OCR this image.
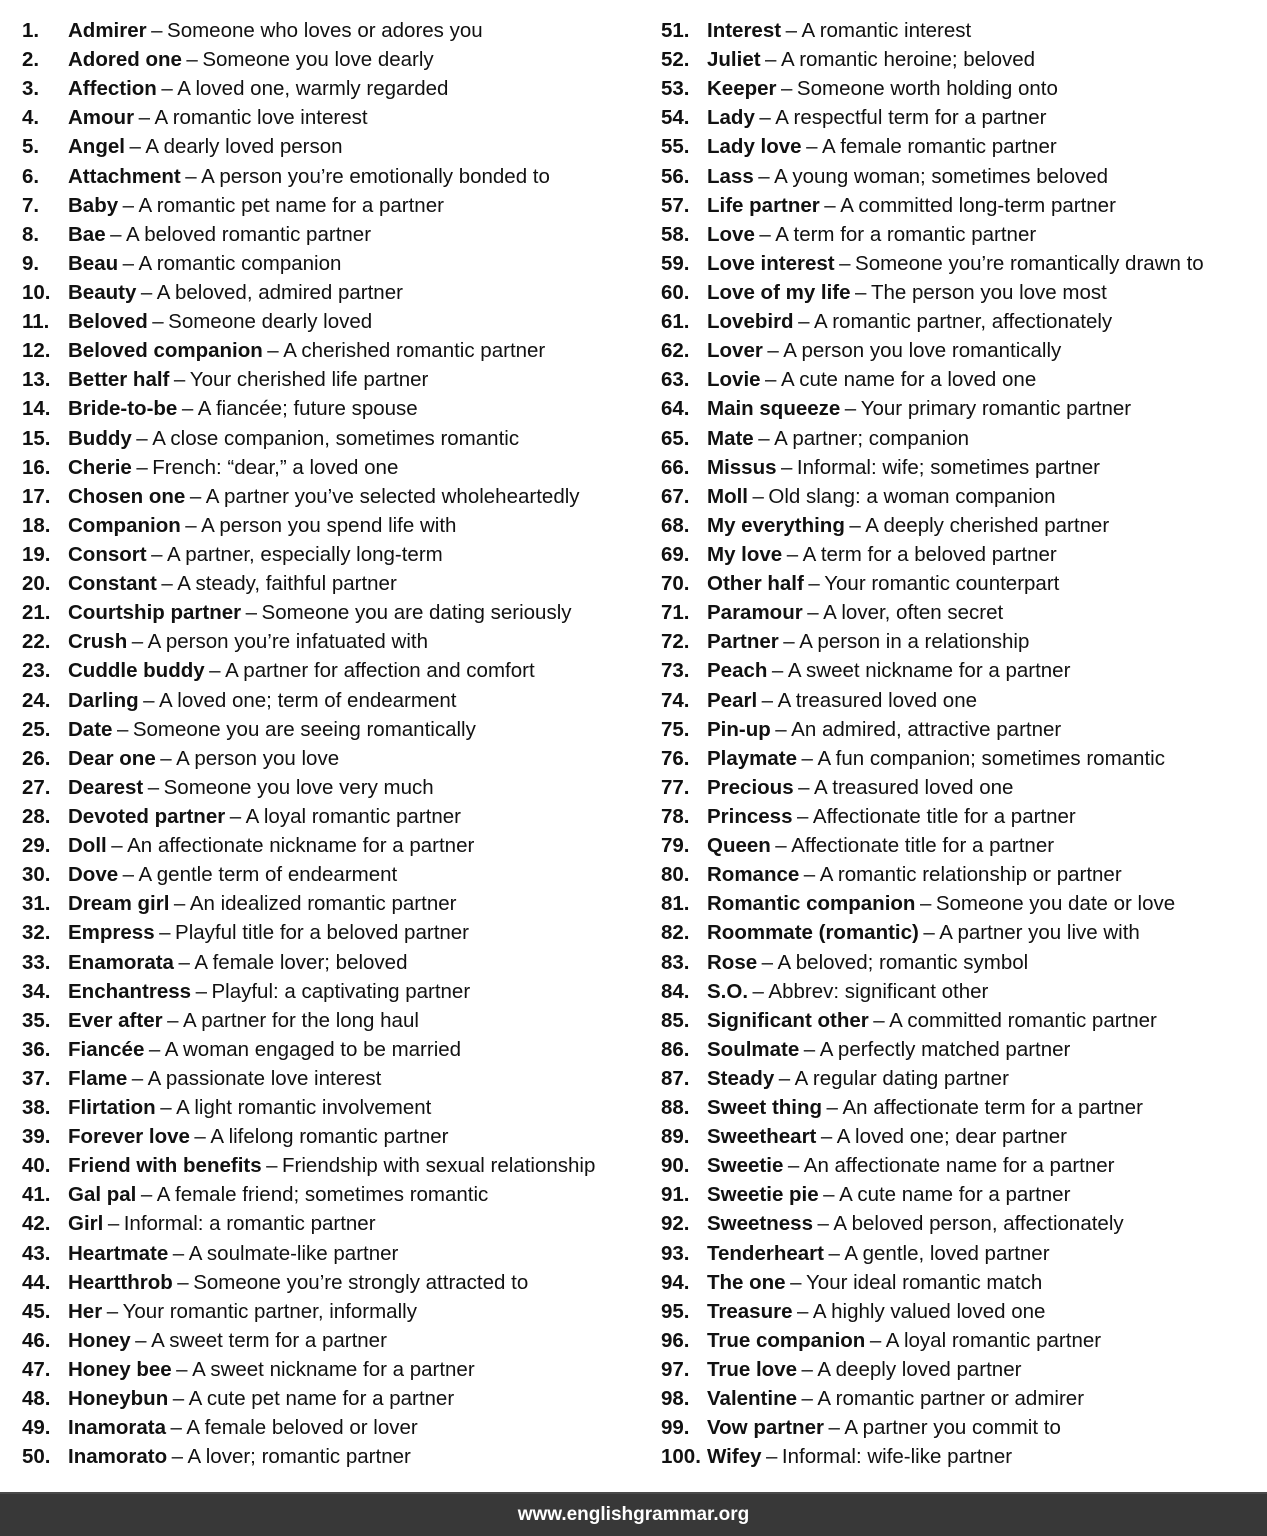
1.	Admirer – Someone who loves or adores you
2.	Adored one – Someone you love dearly
3.	Affection – A loved one, warmly regarded
4.	Amour – A romantic love interest
5.	Angel – A dearly loved person
6.	Attachment – A person you’re emotionally bonded to
7.	Baby – A romantic pet name for a partner
8.	Bae – A beloved romantic partner
9.	Beau – A romantic companion
10. Beauty – A beloved, admired partner
11. Beloved – Someone dearly loved
12. Beloved companion – A cherished romantic partner
13. Better half – Your cherished life partner
14. Bride-to-be – A fiancée; future spouse
15. Buddy – A close companion, sometimes romantic
16. Cherie – French: “dear,” a loved one
17. Chosen one – A partner you’ve selected wholeheartedly
18. Companion – A person you spend life with
19. Consort – A partner, especially long-term
20. Constant – A steady, faithful partner
21. Courtship partner – Someone you are dating seriously
22. Crush – A person you’re infatuated with
23. Cuddle buddy – A partner for affection and comfort
24. Darling – A loved one; term of endearment
25. Date – Someone you are seeing romantically
26. Dear one – A person you love
27. Dearest – Someone you love very much
28. Devoted partner – A loyal romantic partner
29. Doll – An affectionate nickname for a partner
30. Dove – A gentle term of endearment
31. Dream girl – An idealized romantic partner
32. Empress – Playful title for a beloved partner
33. Enamorata – A female lover; beloved
34. Enchantress – Playful: a captivating partner
35. Ever after – A partner for the long haul
36. Fiancée – A woman engaged to be married
37. Flame – A passionate love interest
38. Flirtation – A light romantic involvement
39. Forever love – A lifelong romantic partner
40. Friend with benefits – Friendship with sexual relationship
41. Gal pal – A female friend; sometimes romantic
42. Girl – Informal: a romantic partner
43. Heartmate – A soulmate-like partner
44. Heartthrob – Someone you’re strongly attracted to
45. Her – Your romantic partner, informally
46. Honey – A sweet term for a partner
47. Honey bee – A sweet nickname for a partner
48. Honeybun – A cute pet name for a partner
49. Inamorata – A female beloved or lover
50. Inamorato – A lover; romantic partner
51. Interest – A romantic interest
52. Juliet – A romantic heroine; beloved
53. Keeper – Someone worth holding onto
54. Lady – A respectful term for a partner
55. Lady love – A female romantic partner
56. Lass – A young woman; sometimes beloved
57. Life partner – A committed long-term partner
58. Love – A term for a romantic partner
59. Love interest – Someone you’re romantically drawn to
60. Love of my life – The person you love most
61. Lovebird – A romantic partner, affectionately
62. Lover – A person you love romantically
63. Lovie – A cute name for a loved one
64. Main squeeze – Your primary romantic partner
65. Mate – A partner; companion
66. Missus – Informal: wife; sometimes partner
67. Moll – Old slang: a woman companion
68. My everything – A deeply cherished partner
69. My love – A term for a beloved partner
70. Other half – Your romantic counterpart
71. Paramour – A lover, often secret
72. Partner – A person in a relationship
73. Peach – A sweet nickname for a partner
74. Pearl – A treasured loved one
75. Pin-up – An admired, attractive partner
76. Playmate – A fun companion; sometimes romantic
77. Precious – A treasured loved one
78. Princess – Affectionate title for a partner
79. Queen – Affectionate title for a partner
80. Romance – A romantic relationship or partner
81. Romantic companion – Someone you date or love
82. Roommate (romantic) – A partner you live with
83. Rose – A beloved; romantic symbol
84. S.O. – Abbrev: significant other
85. Significant other – A committed romantic partner
86. Soulmate – A perfectly matched partner
87. Steady – A regular dating partner
88. Sweet thing – An affectionate term for a partner
89. Sweetheart – A loved one; dear partner
90. Sweetie – An affectionate name for a partner
91. Sweetie pie – A cute name for a partner
92. Sweetness – A beloved person, affectionately
93. Tenderheart – A gentle, loved partner
94. The one – Your ideal romantic match
95. Treasure – A highly valued loved one
96. True companion – A loyal romantic partner
97. True love – A deeply loved partner
98. Valentine – A romantic partner or admirer
99. Vow partner – A partner you commit to
100. Wifey – Informal: wife-like partner
www.englishgrammar.org
